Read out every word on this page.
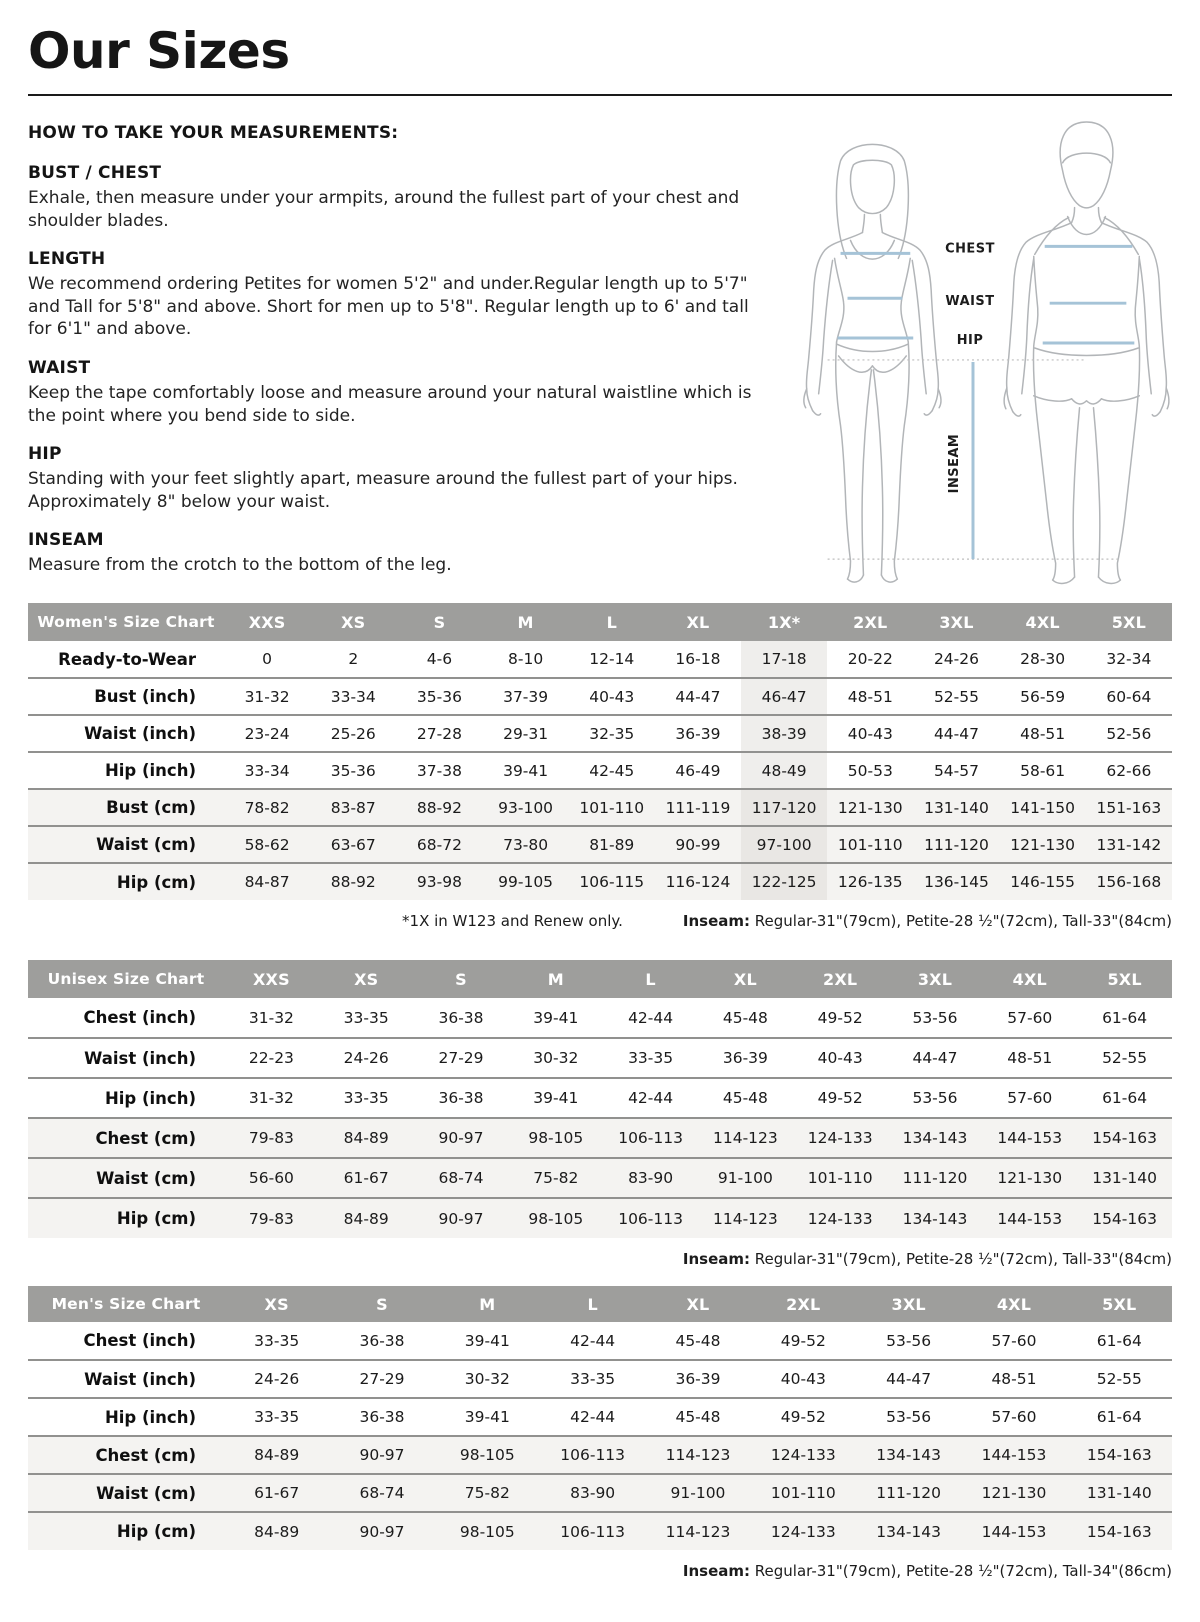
Our Sizes
HOW TO TAKE YOUR MEASUREMENTS:
BUST / CHEST

Exhale, then measure under your armpits, around the fullest part of your chest and shoulder blades.

LENGTH

We recommend ordering Petites for women 5'2" and under.Regular length up to 5'7" and Tall for 5'8" and above. Short for men up to 5'8". Regular length up to 6' and tall for 6'1" and above.

WAIST

Keep the tape comfortably loose and measure around your natural waistline which is the point where you bend side to side.

HIP

Standing with your feet slightly apart, measure around the fullest part of your hips. Approximately 8" below your waist.

INSEAM

Measure from the crotch to the bottom of the leg.

CHEST
WAIST
HIP
INSEAM
Women's Size Chart	XXS	XS	S	M	L	XL	1X*	2XL	3XL	4XL	5XL
Ready-to-Wear	0	2	4-6	8-10	12-14	16-18	17-18	20-22	24-26	28-30	32-34
Bust (inch)	31-32	33-34	35-36	37-39	40-43	44-47	46-47	48-51	52-55	56-59	60-64
Waist (inch)	23-24	25-26	27-28	29-31	32-35	36-39	38-39	40-43	44-47	48-51	52-56
Hip (inch)	33-34	35-36	37-38	39-41	42-45	46-49	48-49	50-53	54-57	58-61	62-66
Bust (cm)	78-82	83-87	88-92	93-100	101-110	111-119	117-120	121-130	131-140	141-150	151-163
Waist (cm)	58-62	63-67	68-72	73-80	81-89	90-99	97-100	101-110	111-120	121-130	131-142
Hip (cm)	84-87	88-92	93-98	99-105	106-115	116-124	122-125	126-135	136-145	146-155	156-168
*1X in W123 and Renew only.	Inseam: Regular-31"(79cm), Petite-28 ½"(72cm), Tall-33"(84cm)
Unisex Size Chart	XXS	XS	S	M	L	XL	2XL	3XL	4XL	5XL
Chest (inch)	31-32	33-35	36-38	39-41	42-44	45-48	49-52	53-56	57-60	61-64
Waist (inch)	22-23	24-26	27-29	30-32	33-35	36-39	40-43	44-47	48-51	52-55
Hip (inch)	31-32	33-35	36-38	39-41	42-44	45-48	49-52	53-56	57-60	61-64
Chest (cm)	79-83	84-89	90-97	98-105	106-113	114-123	124-133	134-143	144-153	154-163
Waist (cm)	56-60	61-67	68-74	75-82	83-90	91-100	101-110	111-120	121-130	131-140
Hip (cm)	79-83	84-89	90-97	98-105	106-113	114-123	124-133	134-143	144-153	154-163
Inseam: Regular-31"(79cm), Petite-28 ½"(72cm), Tall-33"(84cm)
Men's Size Chart	XS	S	M	L	XL	2XL	3XL	4XL	5XL
Chest (inch)	33-35	36-38	39-41	42-44	45-48	49-52	53-56	57-60	61-64
Waist (inch)	24-26	27-29	30-32	33-35	36-39	40-43	44-47	48-51	52-55
Hip (inch)	33-35	36-38	39-41	42-44	45-48	49-52	53-56	57-60	61-64
Chest (cm)	84-89	90-97	98-105	106-113	114-123	124-133	134-143	144-153	154-163
Waist (cm)	61-67	68-74	75-82	83-90	91-100	101-110	111-120	121-130	131-140
Hip (cm)	84-89	90-97	98-105	106-113	114-123	124-133	134-143	144-153	154-163
Inseam: Regular-31"(79cm), Petite-28 ½"(72cm), Tall-34"(86cm)
